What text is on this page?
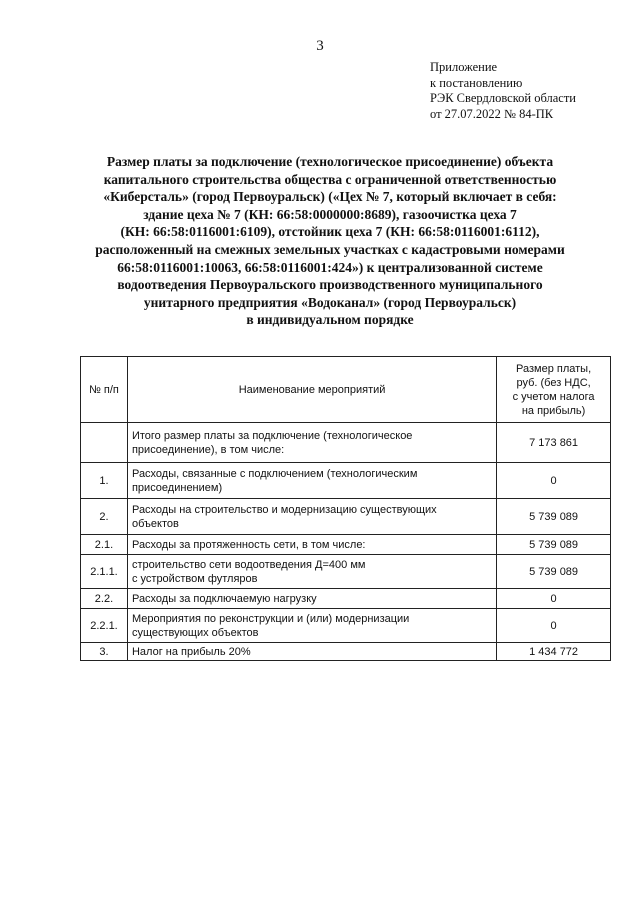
3
Приложение
к постановлению
РЭК Свердловской области
от 27.07.2022 № 84-ПК
Размер платы за подключение (технологическое присоединение) объекта
капитального строительства общества с ограниченной ответственностью
«Киберсталь» (город Первоуральск) («Цех № 7, который включает в себя:
здание цеха № 7 (КН: 66:58:0000000:8689), газоочистка цеха 7
(КН: 66:58:0116001:6109), отстойник цеха 7 (КН: 66:58:0116001:6112),
расположенный на смежных земельных участках с кадастровыми номерами
66:58:0116001:10063, 66:58:0116001:424») к централизованной системе
водоотведения Первоуральского производственного муниципального
унитарного предприятия «Водоканал» (город Первоуральск)
в индивидуальном порядке
№ п/п	Наименование мероприятий	Размер платы,
руб. (без НДС,
с учетом налога
на прибыль)

	Итого размер платы за подключение (технологическое
присоединение), в том числе:	7 173 861
1.	Расходы, связанные с подключением (технологическим
присоединением)	0
2.	Расходы на строительство и модернизацию существующих
объектов	5 739 089
2.1.	Расходы за протяженность сети, в том числе:	5 739 089
2.1.1.	строительство сети водоотведения Д=400 мм
с устройством футляров	5 739 089
2.2.	Расходы за подключаемую нагрузку	0
2.2.1.	Мероприятия по реконструкции и (или) модернизации
существующих объектов	0
3.	Налог на прибыль 20%	1 434 772
